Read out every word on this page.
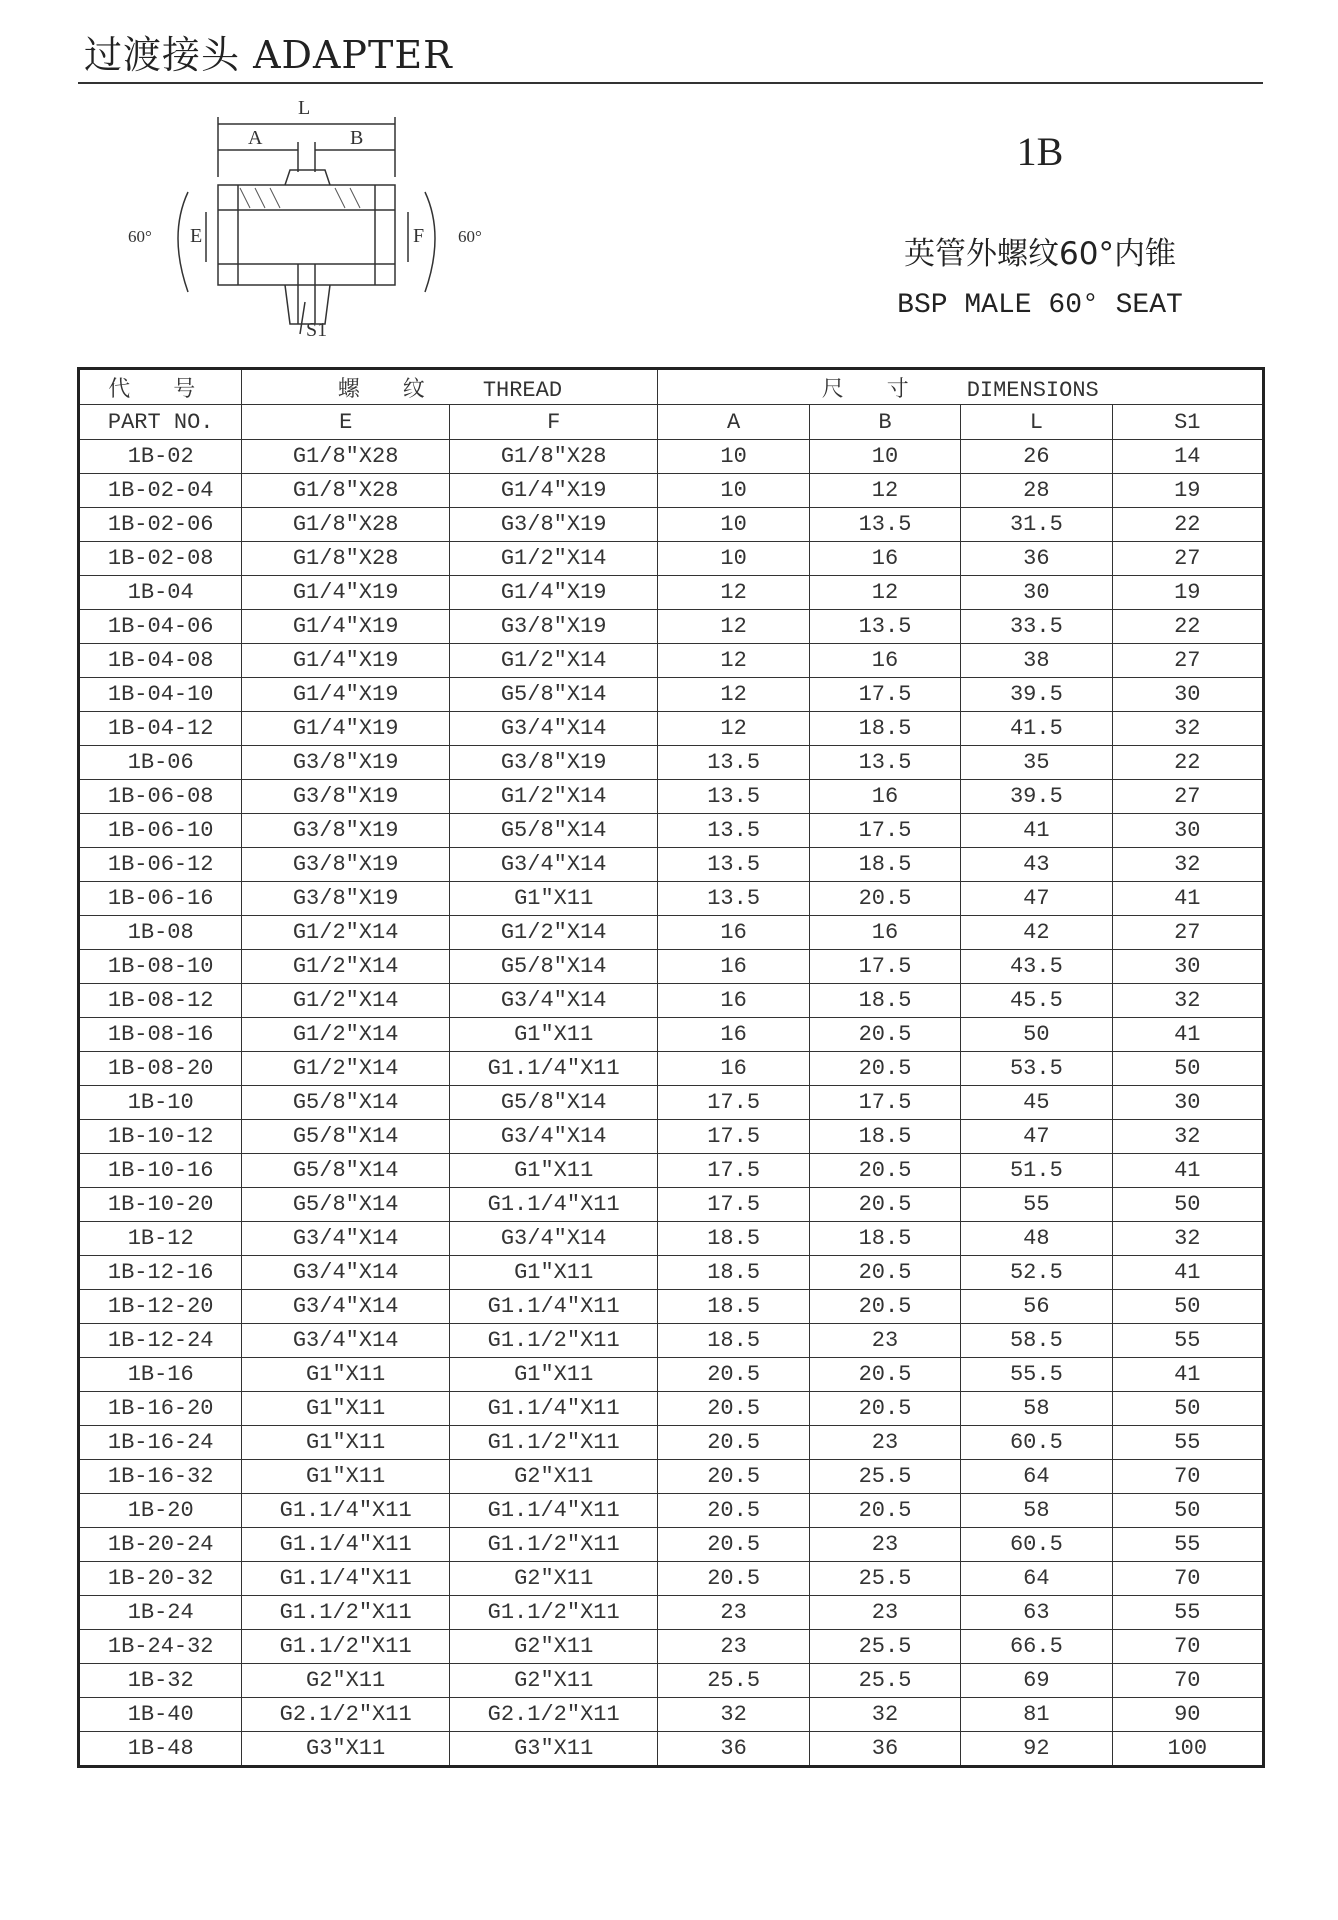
过渡接头 ADAPTER
L
A	B
E	F
S1
60°	60°
1B
英管外螺纹60°内锥
BSP MALE 60° SEAT
代 号	螺 纹 THREAD		尺 寸 DIMENSIONS			
PART NO.	E	F	A	B	L	S1
1B-02	G1/8″X28	G1/8″X28	10	10	26	14
1B-02-04	G1/8″X28	G1/4″X19	10	12	28	19
1B-02-06	G1/8″X28	G3/8″X19	10	13.5	31.5	22
1B-02-08	G1/8″X28	G1/2″X14	10	16	36	27
1B-04	G1/4″X19	G1/4″X19	12	12	30	19
1B-04-06	G1/4″X19	G3/8″X19	12	13.5	33.5	22
1B-04-08	G1/4″X19	G1/2″X14	12	16	38	27
1B-04-10	G1/4″X19	G5/8″X14	12	17.5	39.5	30
1B-04-12	G1/4″X19	G3/4″X14	12	18.5	41.5	32
1B-06	G3/8″X19	G3/8″X19	13.5	13.5	35	22
1B-06-08	G3/8″X19	G1/2″X14	13.5	16	39.5	27
1B-06-10	G3/8″X19	G5/8″X14	13.5	17.5	41	30
1B-06-12	G3/8″X19	G3/4″X14	13.5	18.5	43	32
1B-06-16	G3/8″X19	G1″X11	13.5	20.5	47	41
1B-08	G1/2″X14	G1/2″X14	16	16	42	27
1B-08-10	G1/2″X14	G5/8″X14	16	17.5	43.5	30
1B-08-12	G1/2″X14	G3/4″X14	16	18.5	45.5	32
1B-08-16	G1/2″X14	G1″X11	16	20.5	50	41
1B-08-20	G1/2″X14	G1.1/4″X11	16	20.5	53.5	50
1B-10	G5/8″X14	G5/8″X14	17.5	17.5	45	30
1B-10-12	G5/8″X14	G3/4″X14	17.5	18.5	47	32
1B-10-16	G5/8″X14	G1″X11	17.5	20.5	51.5	41
1B-10-20	G5/8″X14	G1.1/4″X11	17.5	20.5	55	50
1B-12	G3/4″X14	G3/4″X14	18.5	18.5	48	32
1B-12-16	G3/4″X14	G1″X11	18.5	20.5	52.5	41
1B-12-20	G3/4″X14	G1.1/4″X11	18.5	20.5	56	50
1B-12-24	G3/4″X14	G1.1/2″X11	18.5	23	58.5	55
1B-16	G1″X11	G1″X11	20.5	20.5	55.5	41
1B-16-20	G1″X11	G1.1/4″X11	20.5	20.5	58	50
1B-16-24	G1″X11	G1.1/2″X11	20.5	23	60.5	55
1B-16-32	G1″X11	G2″X11	20.5	25.5	64	70
1B-20	G1.1/4″X11	G1.1/4″X11	20.5	20.5	58	50
1B-20-24	G1.1/4″X11	G1.1/2″X11	20.5	23	60.5	55
1B-20-32	G1.1/4″X11	G2″X11	20.5	25.5	64	70
1B-24	G1.1/2″X11	G1.1/2″X11	23	23	63	55
1B-24-32	G1.1/2″X11	G2″X11	23	25.5	66.5	70
1B-32	G2″X11	G2″X11	25.5	25.5	69	70
1B-40	G2.1/2″X11	G2.1/2″X11	32	32	81	90
1B-48	G3″X11	G3″X11	36	36	92	100
